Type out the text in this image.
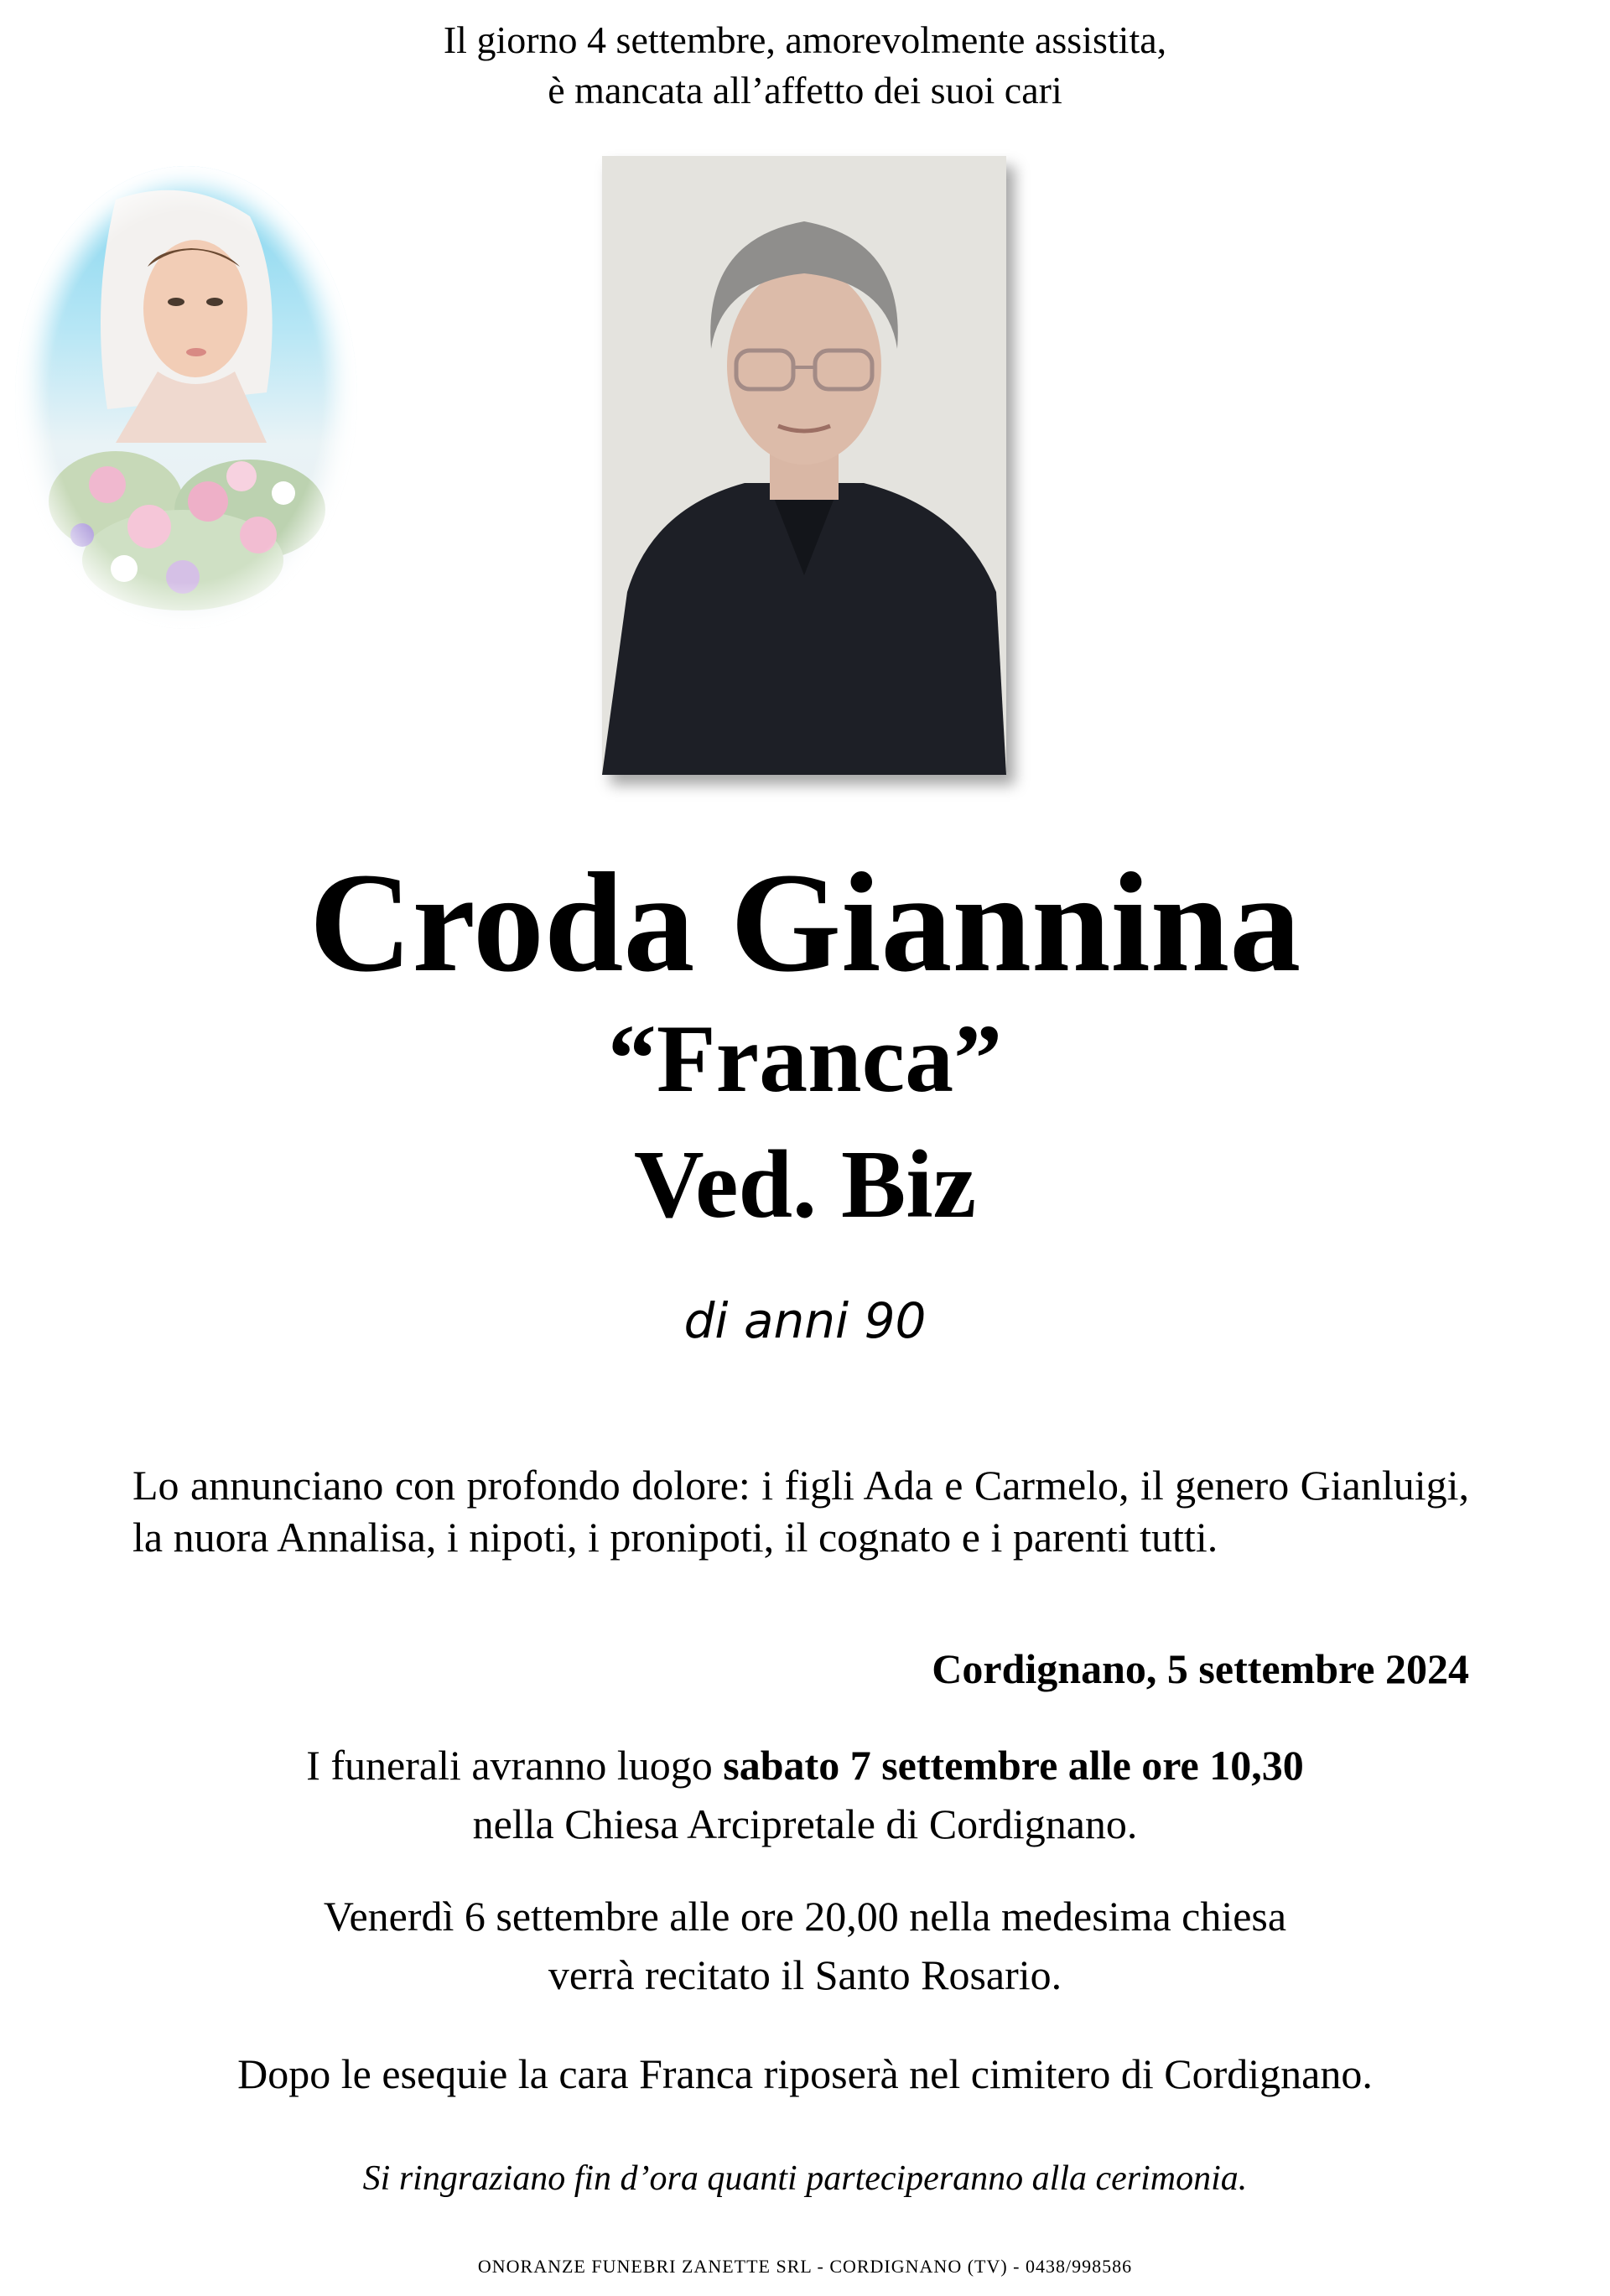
Il giorno 4 settembre, amorevolmente assistita,
è mancata all’affetto dei suoi cari
Croda Giannina
“Franca”
Ved. Biz
di anni 90
Lo annunciano con profondo dolore: i figli Ada e Carmelo, il genero Gianluigi, la nuora Annalisa, i nipoti, i pronipoti, il cognato e i parenti tutti.
Cordignano, 5 settembre 2024
I funerali avranno luogo sabato 7 settembre alle ore 10,30
nella Chiesa Arcipretale di Cordignano.
Venerdì 6 settembre alle ore 20,00 nella medesima chiesa
verrà recitato il Santo Rosario.
Dopo le esequie la cara Franca riposerà nel cimitero di Cordignano.
Si ringraziano fin d’ora quanti parteciperanno alla cerimonia.
ONORANZE FUNEBRI ZANETTE SRL - CORDIGNANO (TV) - 0438/998586
